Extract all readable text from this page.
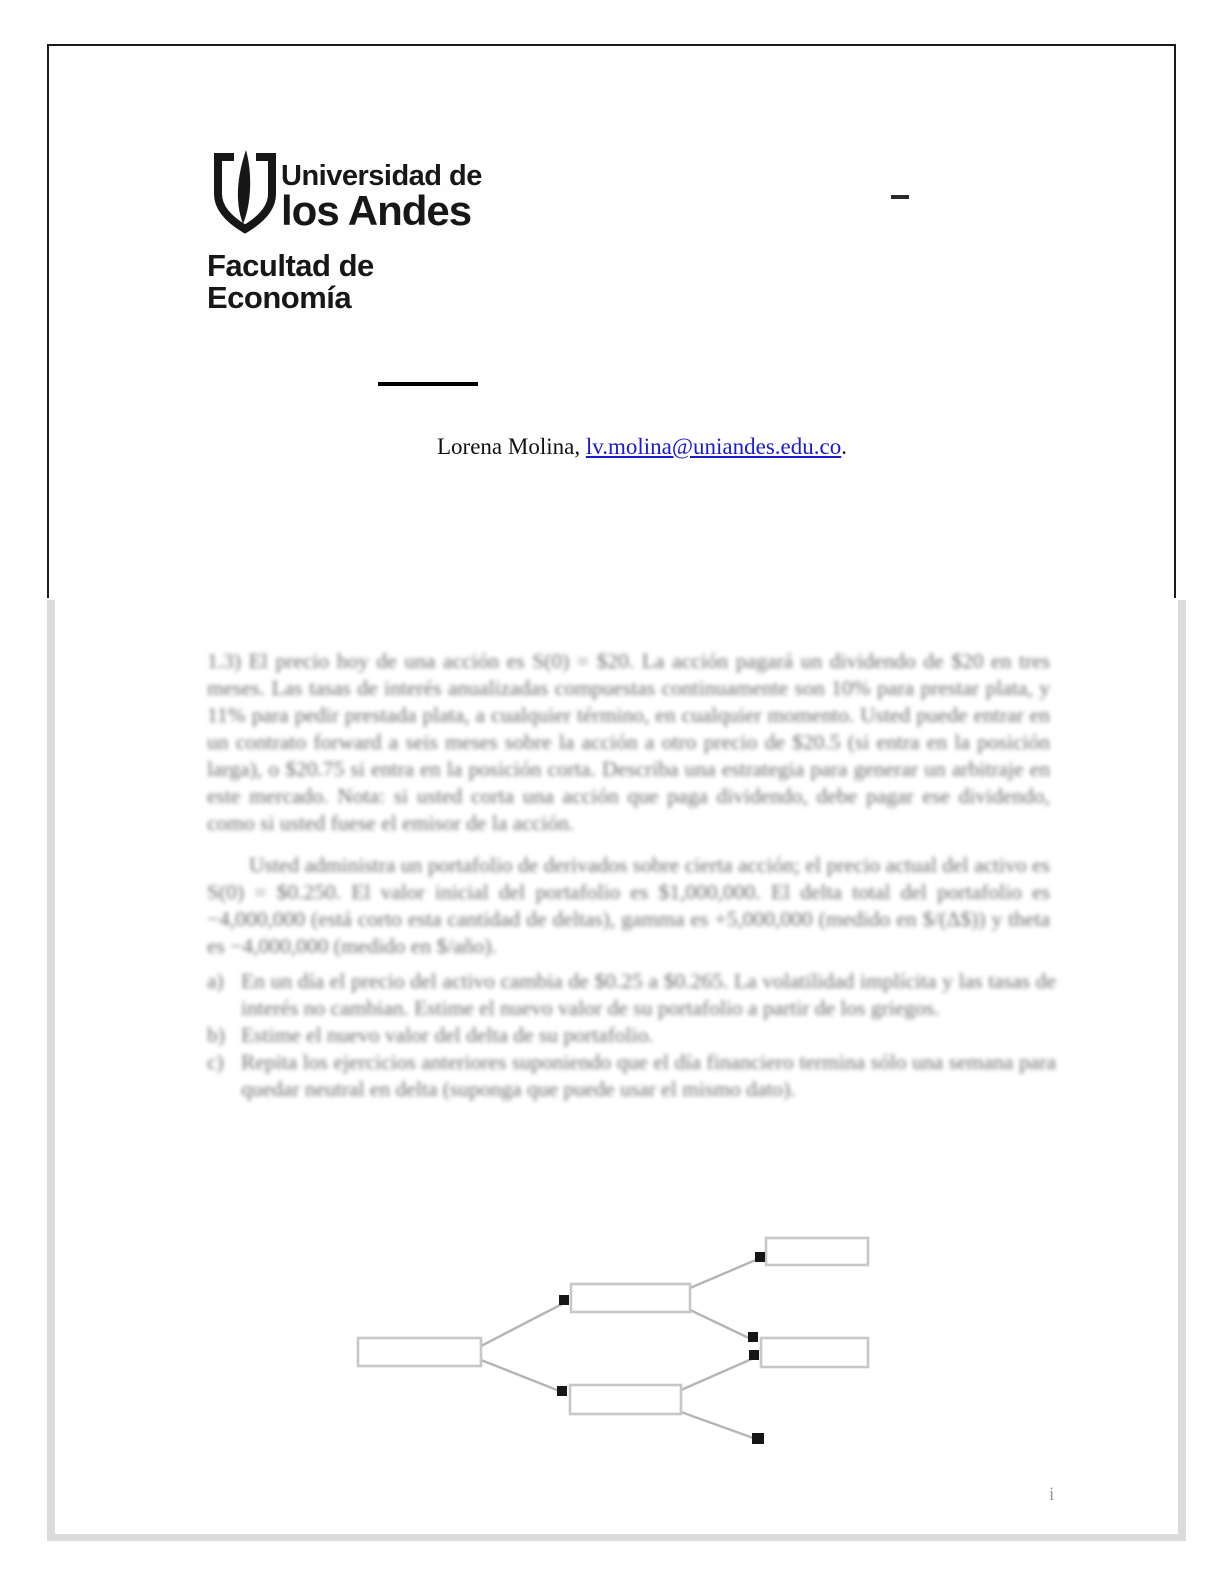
Universidad de
los Andes
Facultad de Economía
Lorena Molina, lv.molina@uniandes.edu.co.
1.3) El precio hoy de una acción es S(0) = $20. La acción pagará un dividendo de $20 en tres meses. Las tasas de interés anualizadas compuestas continuamente son 10% para prestar plata, y 11% para pedir prestada plata, a cualquier término, en cualquier momento. Usted puede entrar en un contrato forward a seis meses sobre la acción a otro precio de $20.5 (si entra en la posición larga), o $20.75 si entra en la posición corta. Describa una estrategia para generar un arbitraje en este mercado. Nota: si usted corta una acción que paga dividendo, debe pagar ese dividendo, como si usted fuese el emisor de la acción.
Usted administra un portafolio de derivados sobre cierta acción; el precio actual del activo es S(0) = $0.250. El valor inicial del portafolio es $1,000,000. El delta total del portafolio es −4,000,000 (está corto esta cantidad de deltas), gamma es +5,000,000 (medido en $/(Δ$)) y theta es −4,000,000 (medido en $/año).
a) En un día el precio del activo cambia de $0.25 a $0.265. La volatilidad implícita y las tasas de interés no cambian. Estime el nuevo valor de su portafolio a partir de los griegos.
b) Estime el nuevo valor del delta de su portafolio.
c) Repita los ejercicios anteriores suponiendo que el día financiero termina sólo una semana para quedar neutral en delta (suponga que puede usar el mismo dato).
i
